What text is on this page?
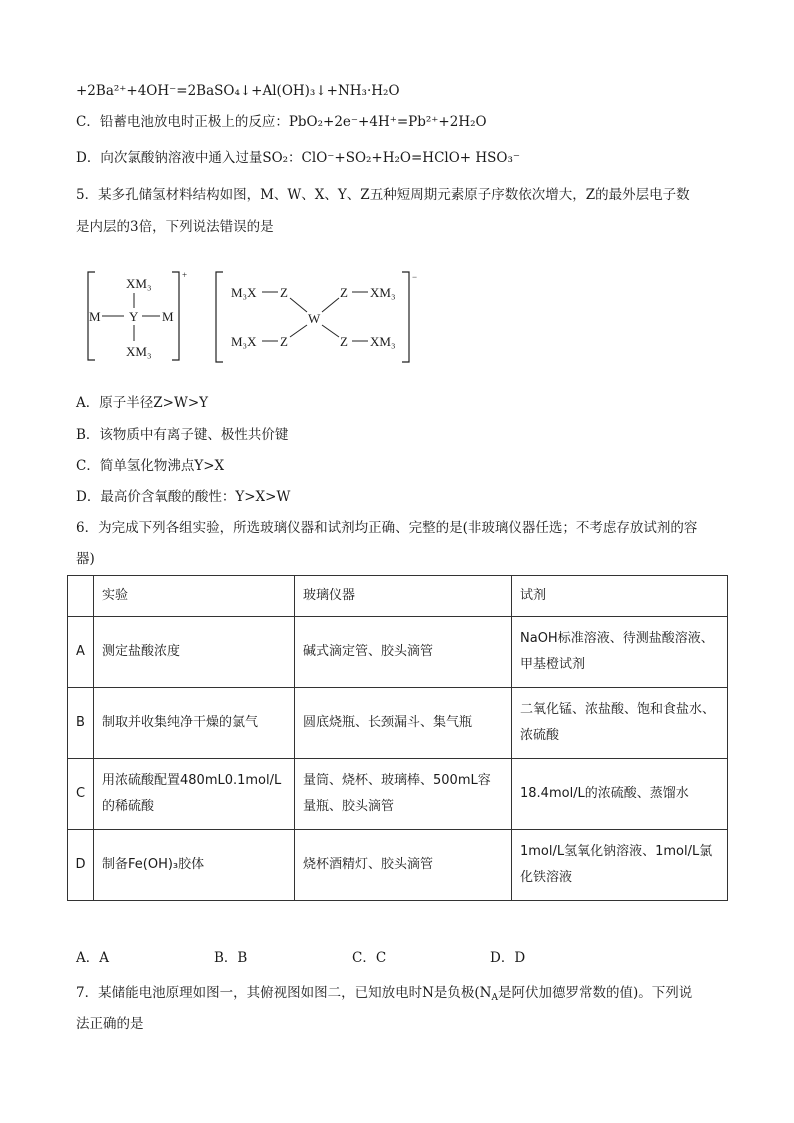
+2Ba²⁺+4OH⁻=2BaSO₄↓+Al(OH)₃↓+NH₃·H₂O
C．铅蓄电池放电时正极上的反应：PbO₂+2e⁻+4H⁺=Pb²⁺+2H₂O
D．向次氯酸钠溶液中通入过量SO₂：ClO⁻+SO₂+H₂O=HClO+ HSO₃⁻
5．某多孔储氢材料结构如图，M、W、X、Y、Z五种短周期元素原子序数依次增大，Z的最外层电子数
是内层的3倍，下列说法错误的是
XM₃
M Y M
XM₃
+
M₃X Z	Z XM₃
W
M₃X Z	Z XM₃
−
A．原子半径Z>W>Y
B．该物质中有离子键、极性共价键
C．简单氢化物沸点Y>X
D．最高价含氧酸的酸性：Y>X>W
6．为完成下列各组实验，所选玻璃仪器和试剂均正确、完整的是(非玻璃仪器任选；不考虑存放试剂的容
器)
	实验	玻璃仪器	试剂
A	测定盐酸浓度	碱式滴定管、胶头滴管	NaOH标准溶液、待测盐酸溶液、
甲基橙试剂
B	制取并收集纯净干燥的氯气	圆底烧瓶、长颈漏斗、集气瓶	二氧化锰、浓盐酸、饱和食盐水、
浓硫酸
C	用浓硫酸配置480mL0.1mol/L
的稀硫酸	量筒、烧杯、玻璃棒、500mL容
量瓶、胶头滴管	18.4mol/L的浓硫酸、蒸馏水
D	制备Fe(OH)₃胶体	烧杯酒精灯、胶头滴管	1mol/L氢氧化钠溶液、1mol/L氯
化铁溶液
A．A	B．B	C．C	D．D
7．某储能电池原理如图一，其俯视图如图二，已知放电时N是负极($N_A$是阿伏加德罗常数的值)。下列说
法正确的是
